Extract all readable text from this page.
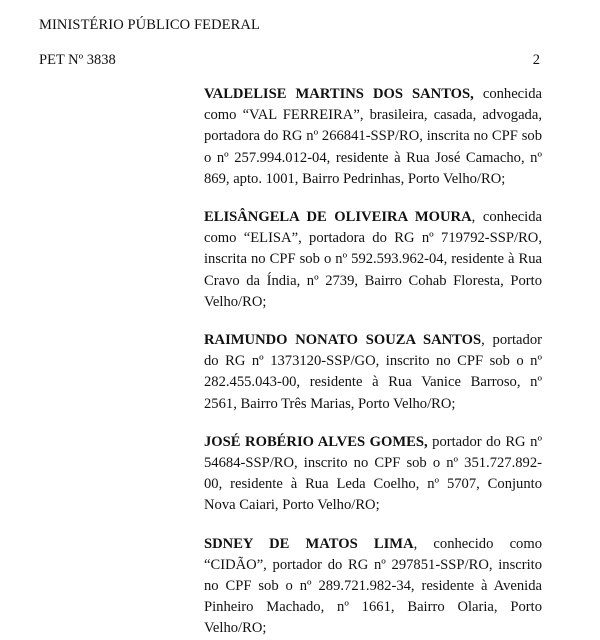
MINISTÉRIO PÚBLICO FEDERAL
PET Nº 3838	2

VALDELISE MARTINS DOS SANTOS, conhecida como “VAL FERREIRA”, brasileira, casada, advogada, portadora do RG nº 266841-SSP/RO, inscrita no CPF sob o nº 257.994.012-04, residente à Rua José Camacho, nº 869, apto. 1001, Bairro Pedrinhas, Porto Velho/RO;

ELISÂNGELA DE OLIVEIRA MOURA, conhecida como “ELISA”, portadora do RG nº 719792-SSP/RO, inscrita no CPF sob o nº 592.593.962-04, residente à Rua Cravo da Índia, nº 2739, Bairro Cohab Floresta, Porto Velho/RO;

RAIMUNDO NONATO SOUZA SANTOS, portador do RG nº 1373120-SSP/GO, inscrito no CPF sob o nº 282.455.043-00, residente à Rua Vanice Barroso, nº 2561, Bairro Três Marias, Porto Velho/RO;

JOSÉ ROBÉRIO ALVES GOMES, portador do RG nº 54684-SSP/RO, inscrito no CPF sob o nº 351.727.892-00, residente à Rua Leda Coelho, nº 5707, Conjunto Nova Caiari, Porto Velho/RO;

SDNEY DE MATOS LIMA, conhecido como “CIDÃO”, portador do RG nº 297851-SSP/RO, inscrito no CPF sob o nº 289.721.982-34, residente à Avenida Pinheiro Machado, nº 1661, Bairro Olaria, Porto Velho/RO;
